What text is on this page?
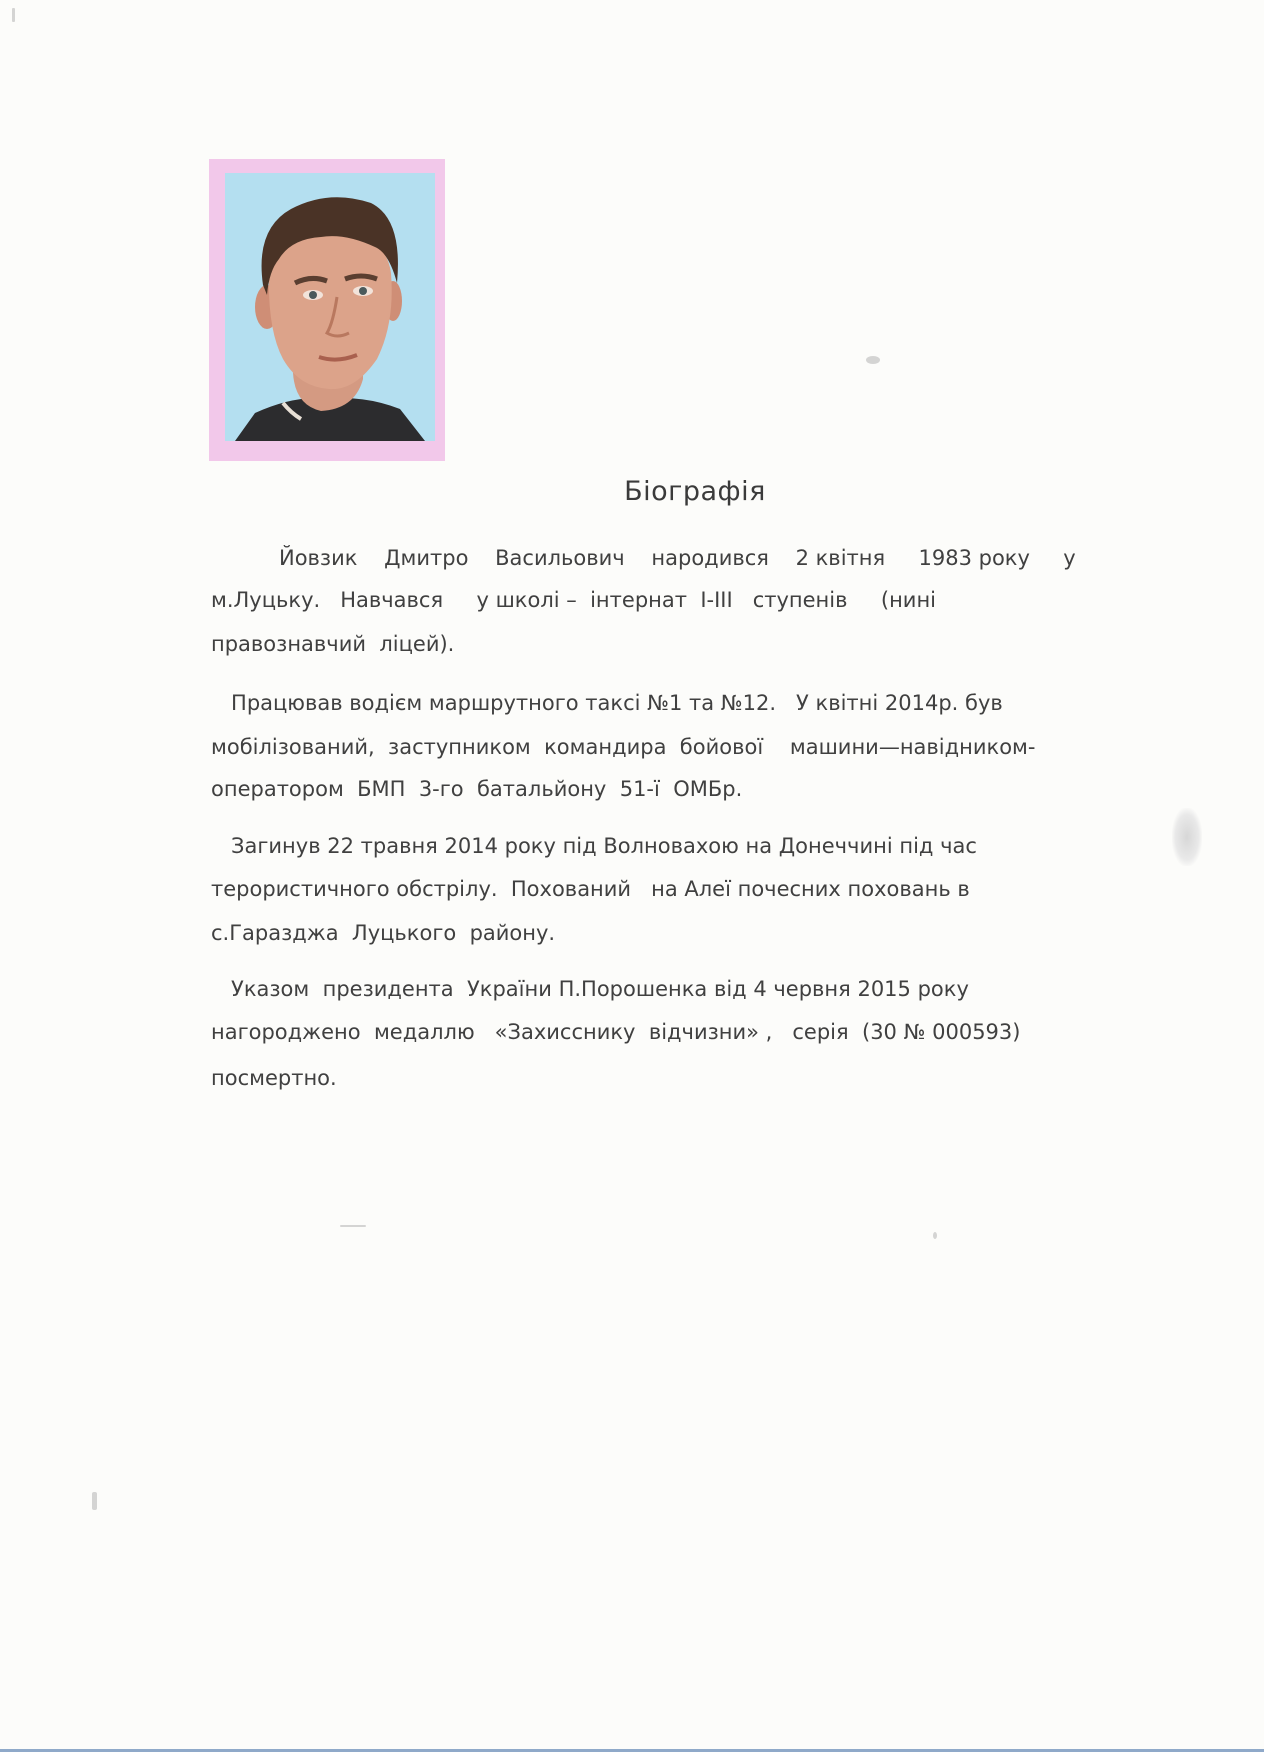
Біографія
Йовзик    Дмитро    Васильович    народився    2 квітня     1983 року     у
м.Луцьку.   Навчався     у школі –  інтернат  І-ІІІ   ступенів     (нині
правознавчий  ліцей).
Працював водієм маршрутного таксі №1 та №12.   У квітні 2014р. був
мобілізований,  заступником  командира  бойової    машини—навідником-
оператором  БМП  3-го  батальйону  51-ї  ОМБр.
Загинув 22 травня 2014 року під Волновахою на Донеччині під час
терористичного обстрілу.  Похований   на Алеї почесних поховань в
с.Гаразджа  Луцького  району.
Указом  президента  України П.Порошенка від 4 червня 2015 року
нагороджено  медаллю   «Захисснику  відчизни» ,   серія  (30 № 000593)
посмертно.
